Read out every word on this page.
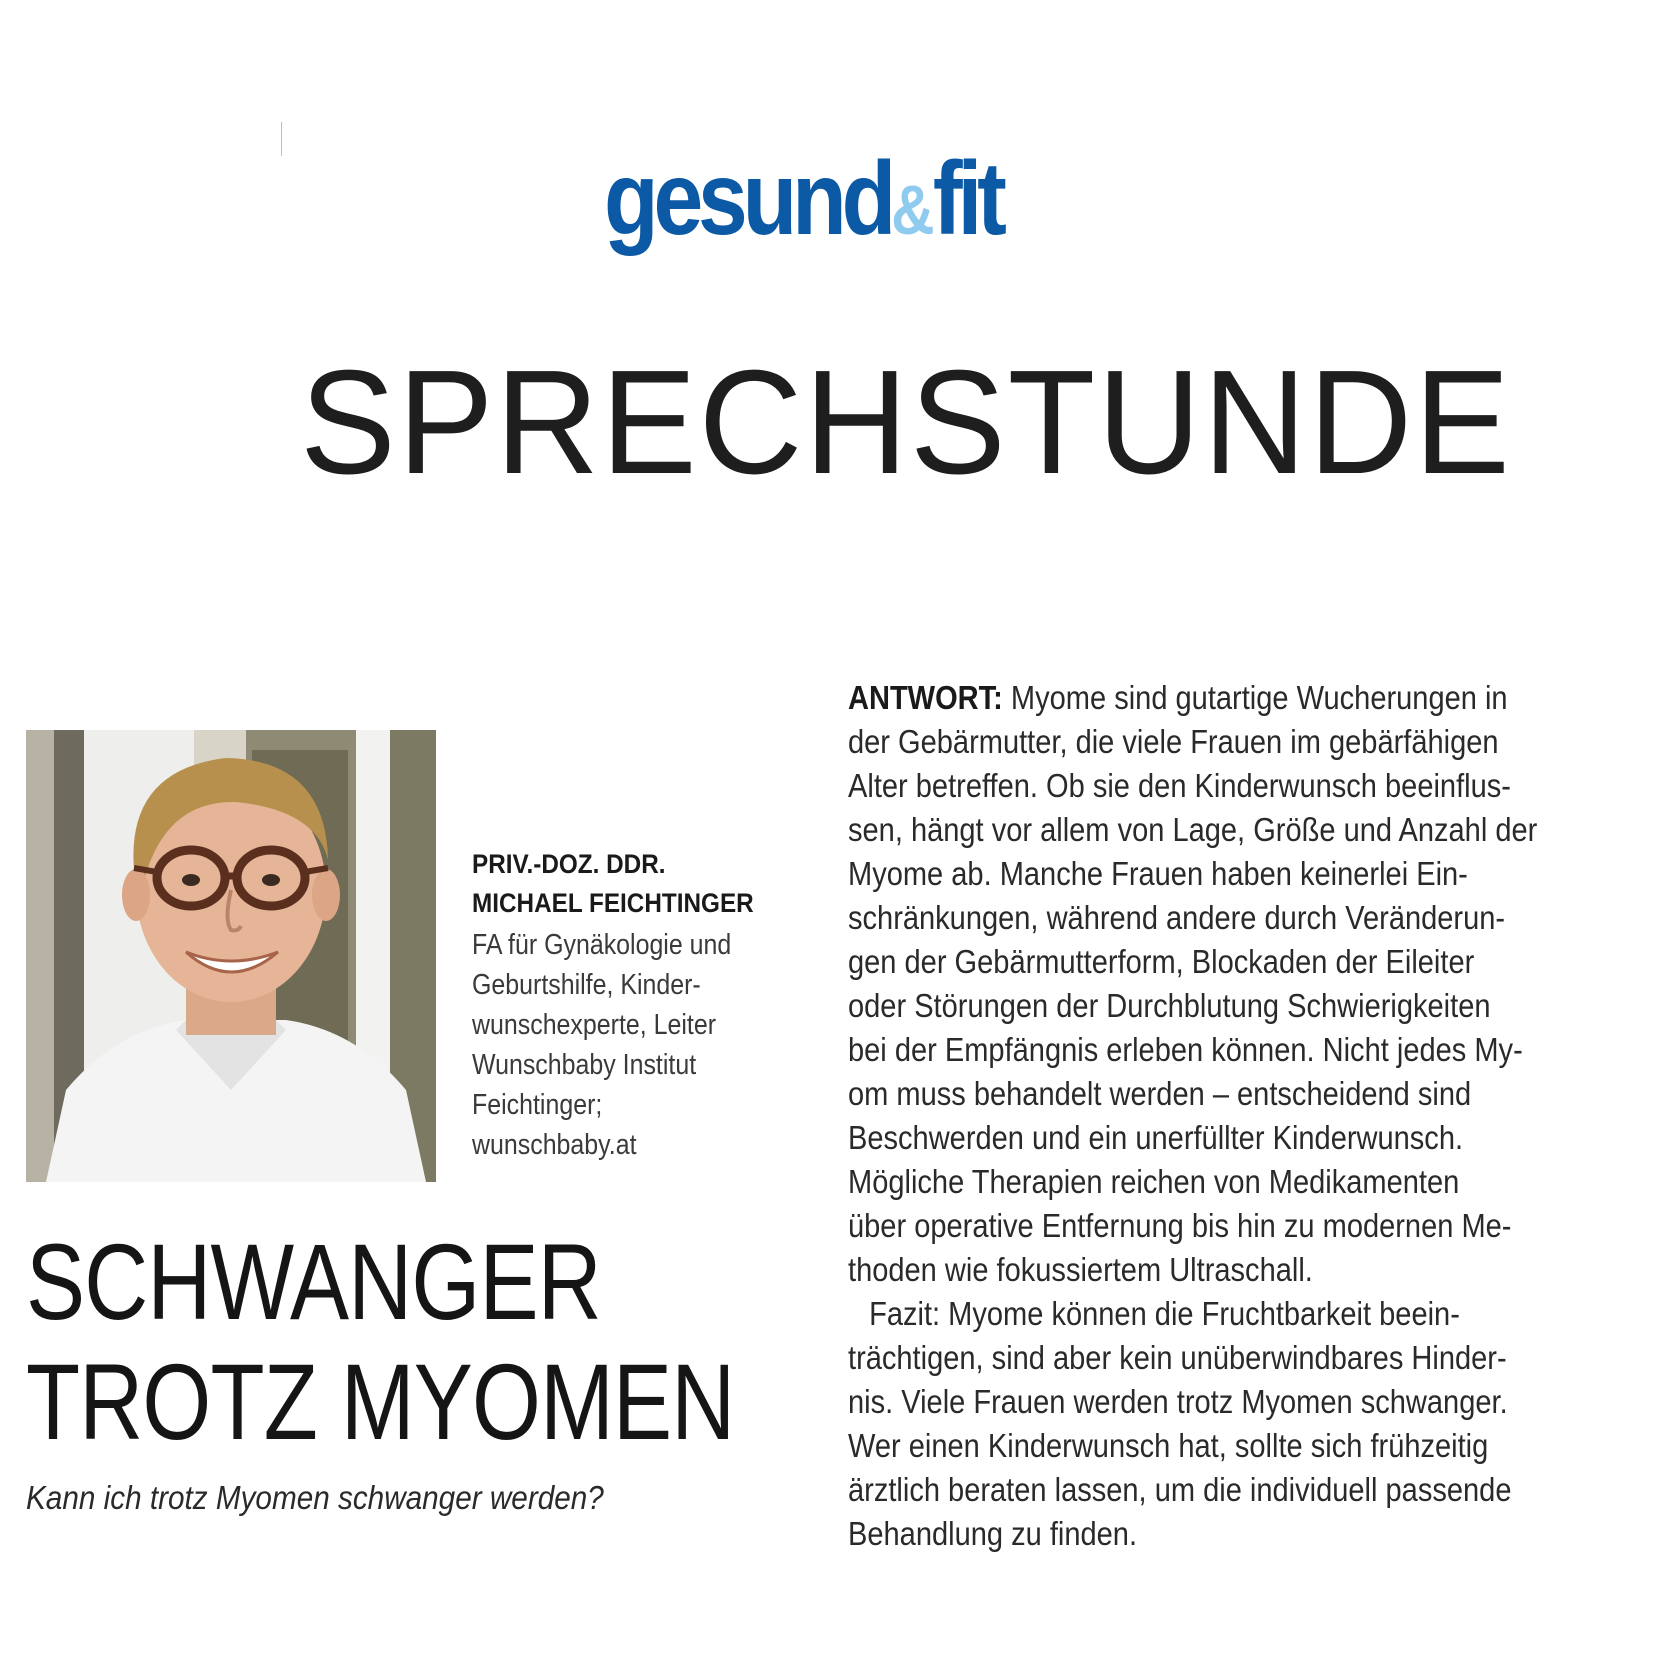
gesund&fit
SPRECHSTUNDE
PRIV.-DOZ. DDR.
MICHAEL FEICHTINGER
FA für Gynäkologie und
Geburtshilfe, Kinder-
wunschexperte, Leiter
Wunschbaby Institut
Feichtinger;
wunschbaby.at
SCHWANGER
TROTZ MYOMEN
Kann ich trotz Myomen schwanger werden?
ANTWORT: Myome sind gutartige Wucherungen in
der Gebärmutter, die viele Frauen im gebärfähigen
Alter betreffen. Ob sie den Kinderwunsch beeinflus-
sen, hängt vor allem von Lage, Größe und Anzahl der
Myome ab. Manche Frauen haben keinerlei Ein-
schränkungen, während andere durch Veränderun-
gen der Gebärmutterform, Blockaden der Eileiter
oder Störungen der Durchblutung Schwierigkeiten
bei der Empfängnis erleben können. Nicht jedes My-
om muss behandelt werden – entscheidend sind
Beschwerden und ein unerfüllter Kinderwunsch.
Mögliche Therapien reichen von Medikamenten
über operative Entfernung bis hin zu modernen Me-
thoden wie fokussiertem Ultraschall.
Fazit: Myome können die Fruchtbarkeit beein-
trächtigen, sind aber kein unüberwindbares Hinder-
nis. Viele Frauen werden trotz Myomen schwanger.
Wer einen Kinderwunsch hat, sollte sich frühzeitig
ärztlich beraten lassen, um die individuell passende
Behandlung zu finden.
